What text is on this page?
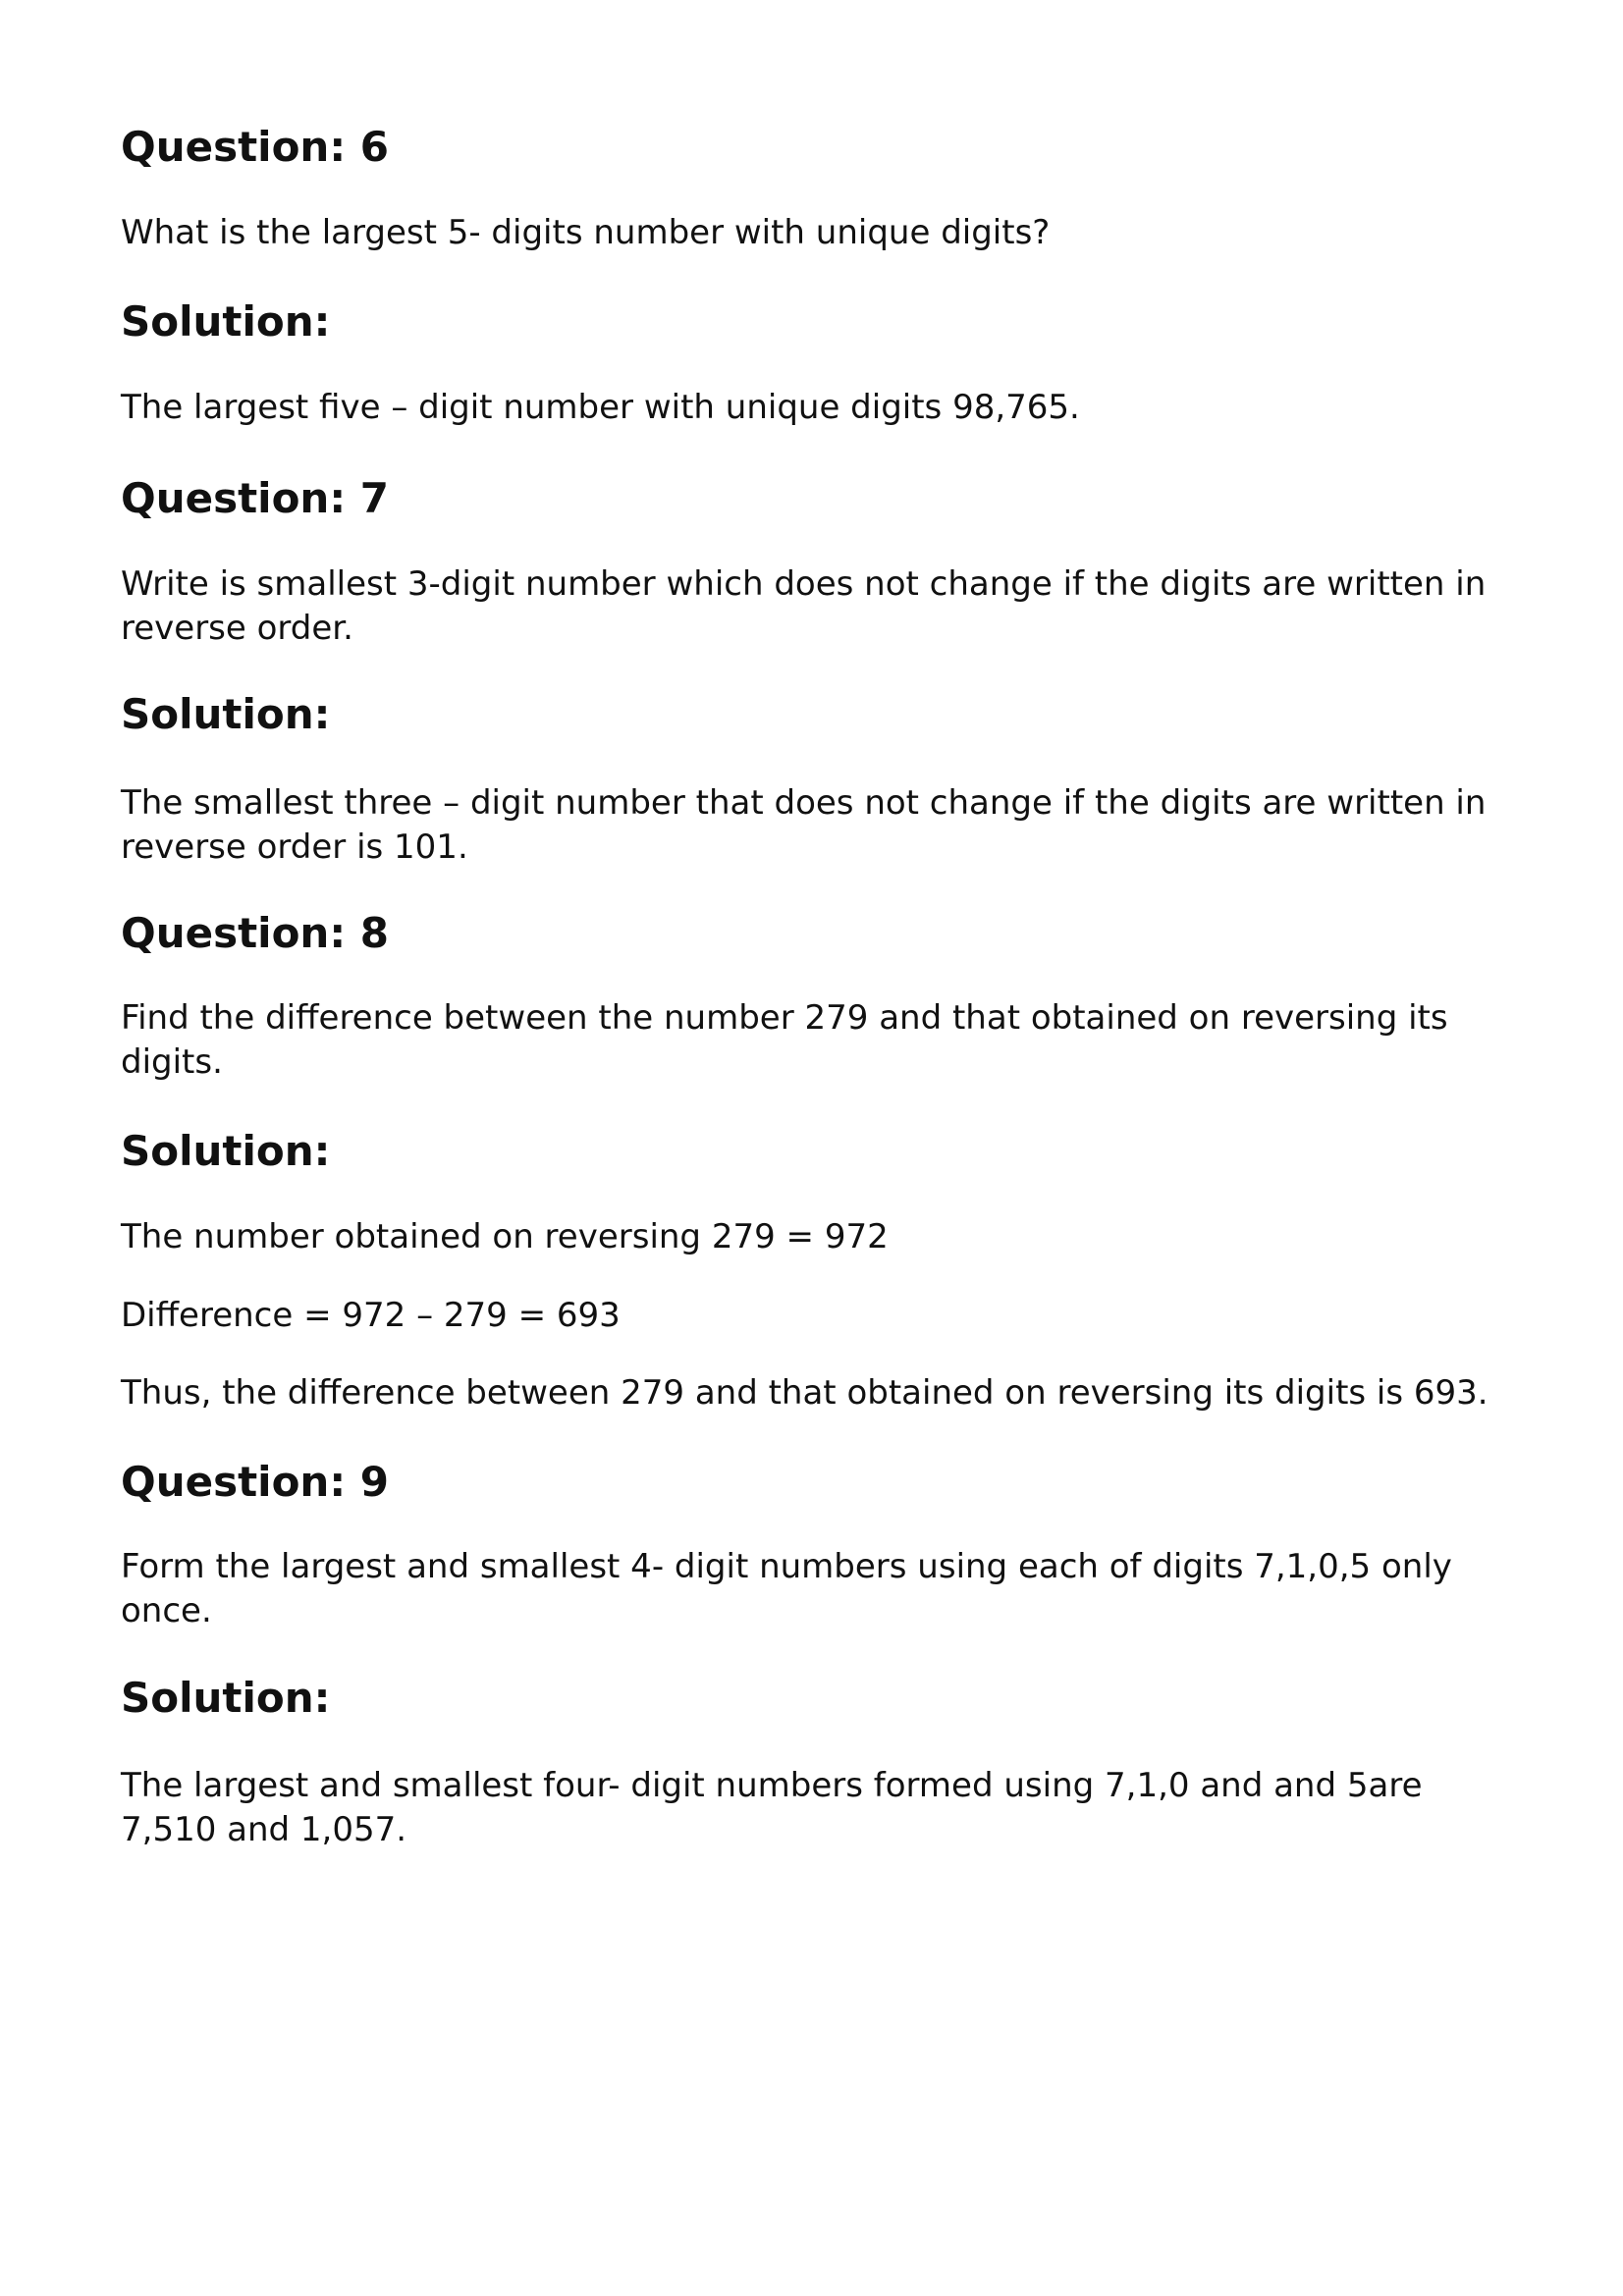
Question: 6

What is the largest 5- digits number with unique digits?

Solution:

The largest five – digit number with unique digits 98,765.

Question: 7

Write is smallest 3-digit number which does not change if the digits are written in reverse order.

Solution:

The smallest three – digit number that does not change if the digits are written in reverse order is 101.

Question: 8

Find the difference between the number 279 and that obtained on reversing its digits.

Solution:

The number obtained on reversing 279 = 972

Difference = 972 – 279 = 693

Thus, the difference between 279 and that obtained on reversing its digits is 693.

Question: 9

Form the largest and smallest 4- digit numbers using each of digits 7,1,0,5 only once.

Solution:

The largest and smallest four- digit numbers formed using 7,1,0 and and 5are 7,510 and 1,057.
